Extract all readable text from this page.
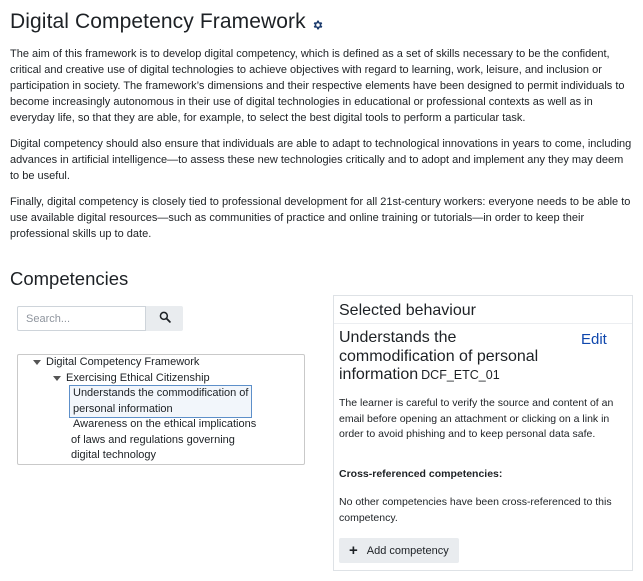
Digital Competency Framework

The aim of this framework is to develop digital competency, which is defined as a set of skills necessary to be the confident, critical and creative use of digital technologies to achieve objectives with regard to learning, work, leisure, and inclusion or participation in society. The framework’s dimensions and their respective elements have been designed to permit individuals to become increasingly autonomous in their use of digital technologies in educational or professional contexts as well as in everyday life, so that they are able, for example, to select the best digital tools to perform a particular task.

Digital competency should also ensure that individuals are able to adapt to technological innovations in years to come, including advances in artificial intelligence—to assess these new technologies critically and to adopt and implement any they may deem to be useful.

Finally, digital competency is closely tied to professional development for all 21st-century workers: everyone needs to be able to use available digital resources—such as communities of practice and online training or tutorials—in order to keep their professional skills up to date.

Competencies
Search...
Digital Competency Framework
Exercising Ethical Citizenship
Understands the commodification of
personal information
Awareness on the ethical implications
of laws and regulations governing
digital technology
Selected behaviour
Understands the
commodification of personal
information DCF_ETC_01
Edit

The learner is careful to verify the source and content of an email before opening an attachment or clicking on a link in order to avoid phishing and to keep personal data safe.

Cross-referenced competencies:

No other competencies have been cross-referenced to this competency.

+ Add competency
